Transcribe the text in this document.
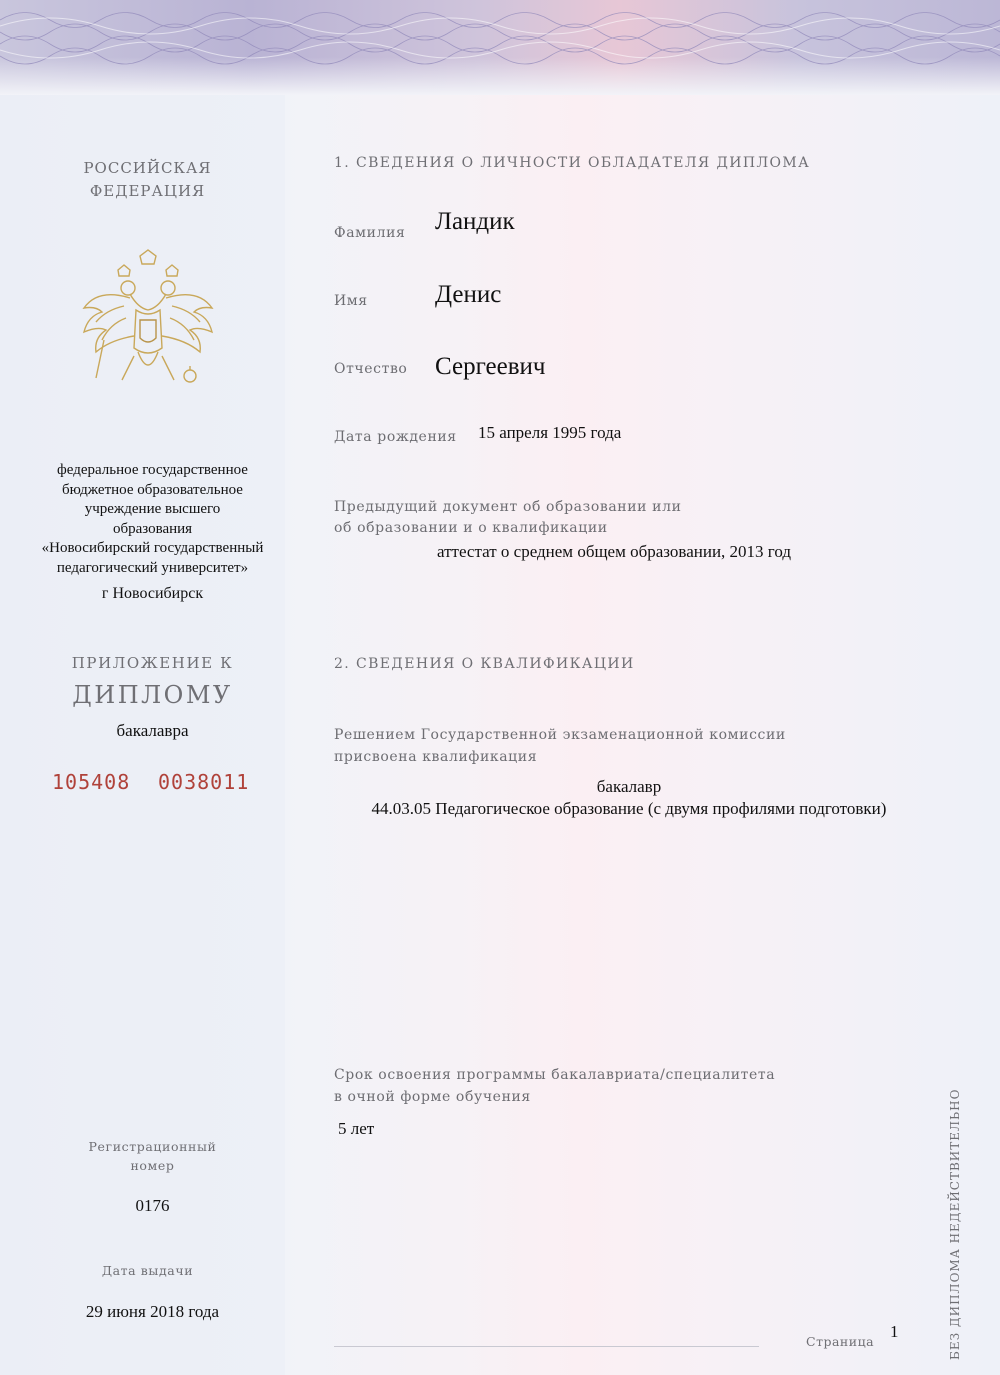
РОССИЙСКАЯ
ФЕДЕРАЦИЯ
федеральное государственное
бюджетное образовательное
учреждение высшего
образования
«Новосибирский государственный
педагогический университет»
г Новосибирск
ПРИЛОЖЕНИЕ К
ДИПЛОМУ
бакалавра
105408 0038011
Регистрационный
номер
0176
Дата выдачи
29 июня 2018 года
1. СВЕДЕНИЯ О ЛИЧНОСТИ ОБЛАДАТЕЛЯ ДИПЛОМА
Фамилия Ландик
Имя	Денис
Отчество Сергеевич
Дата рождения 15 апреля 1995 года
Предыдущий документ об образовании или
об образовании и о квалификации
аттестат о среднем общем образовании, 2013 год
2. СВЕДЕНИЯ О КВАЛИФИКАЦИИ
Решением Государственной экзаменационной комиссии
присвоена квалификация
бакалавр
44.03.05 Педагогическое образование (с двумя профилями подготовки)
Срок освоения программы бакалавриата/специалитета
в очной форме обучения
5 лет
Страница
1	БЕЗ ДИПЛОМА НЕДЕЙСТВИТЕЛЬНО
